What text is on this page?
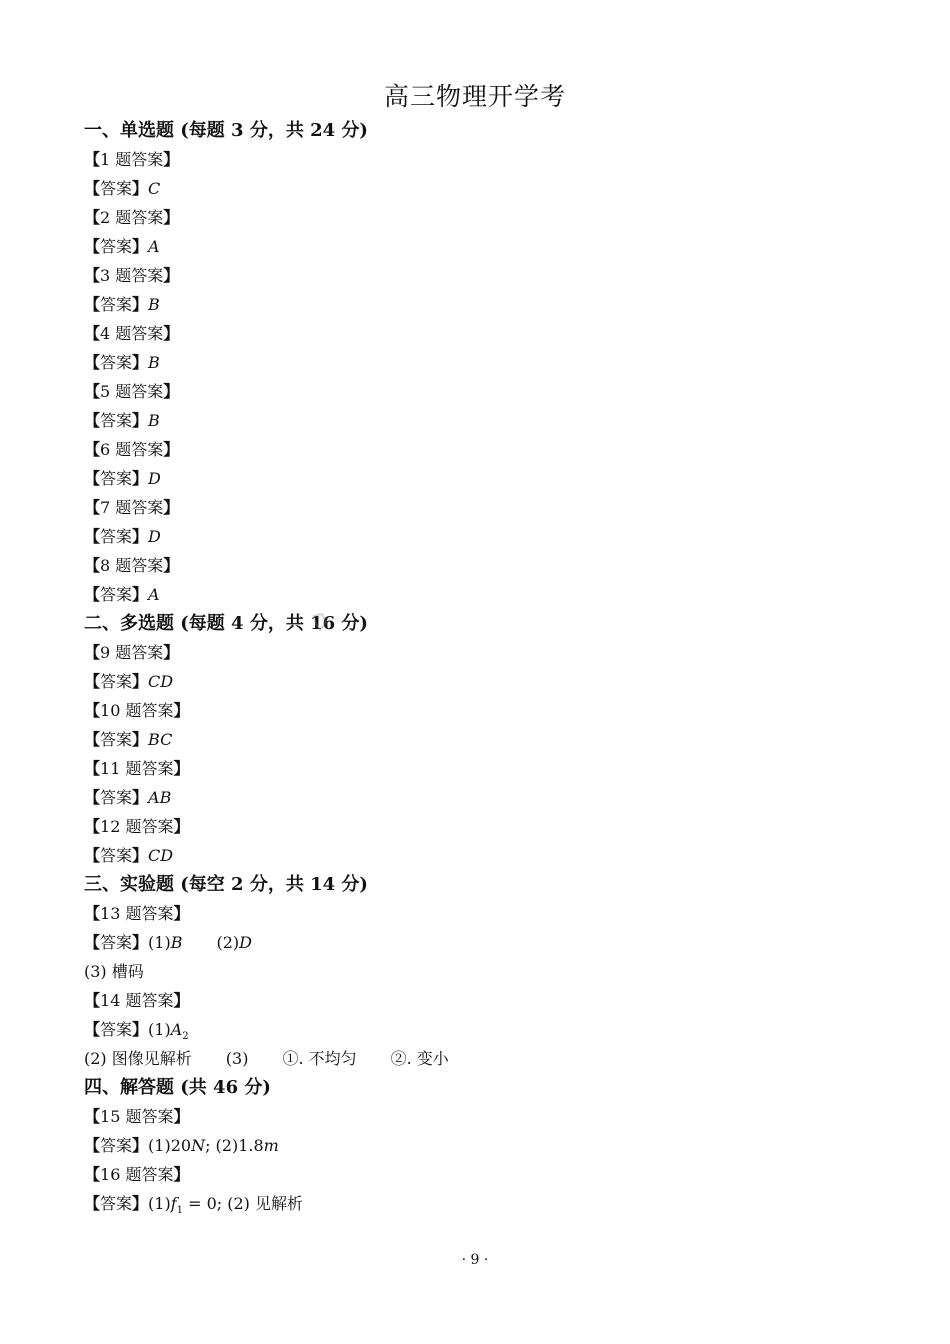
高三物理开学考
一、单选题 (每题 3 分，共 24 分)
【1 题答案】
【答案】C
【2 题答案】
【答案】A
【3 题答案】
【答案】B
【4 题答案】
【答案】B
【5 题答案】
【答案】B
【6 题答案】
【答案】D
【7 题答案】
【答案】D
【8 题答案】
【答案】A
二、多选题 (每题 4 分，共 16 分)
【9 题答案】
【答案】CD
【10 题答案】
【答案】BC
【11 题答案】
【答案】AB
【12 题答案】
【答案】CD
三、实验题 (每空 2 分，共 14 分)
【13 题答案】
【答案】(1)B (2)D
(3) 槽码
【14 题答案】
【答案】$(1)A_2$
(2) 图像见解析 (3) ①. 不均匀 ②. 变小
四、解答题 (共 46 分)
【15 题答案】
【答案】(1)20N; (2)1.8m
【16 题答案】
【答案】$(1)f_1 = 0$; (2) 见解析
· 9 ·
